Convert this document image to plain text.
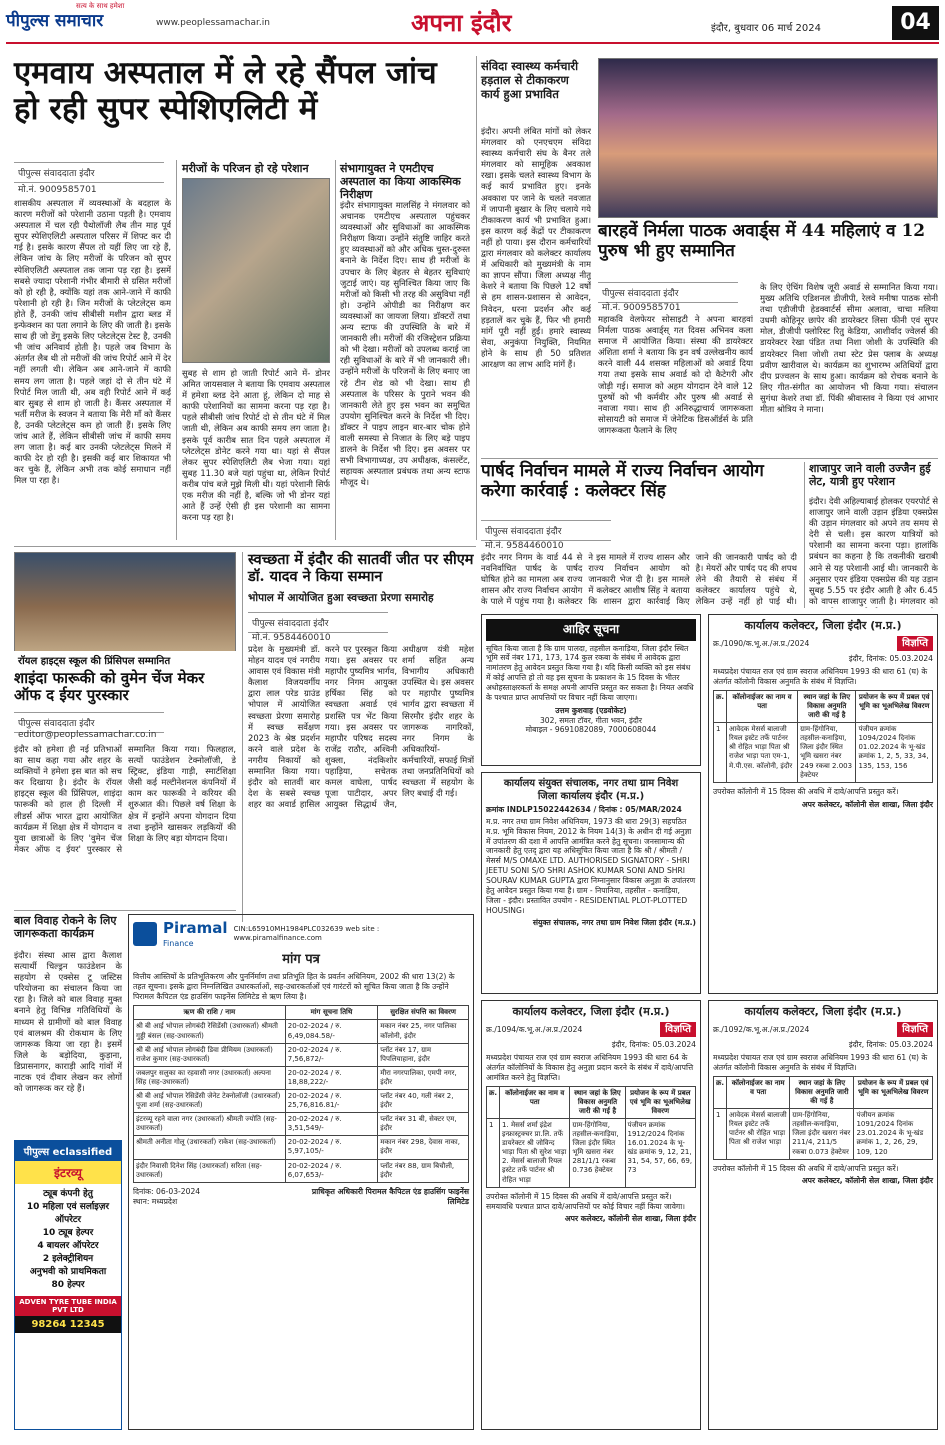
पीपुल्स समाचार
सत्य के साथ हमेशा
www.peoplessamachar.in	अपना इंदौर	इंदौर, बुधवार 06 मार्च 2024	04
एमवाय अस्पताल में ले रहे सैंपल जांच हो रही सुपर स्पेशिएलिटी में
पीपुल्स संवाददाता इंदौर
मो.नं. 9009585701
शासकीय अस्पताल में व्यवस्थाओं के बदहाल के कारण मरीजों को परेशानी उठाना पड़ती है। एमवाय अस्पताल में चल रही पैथोलॉजी लैब तीन माह पूर्व सुपर स्पेशिएलिटी अस्पताल परिसर में शिफ्ट कर दी गई है। इसके कारण सैंपल तो यहीं लिए जा रहे हैं, लेकिन जांच के लिए मरीजों के परिजन को सुपर स्पेशिएलिटी अस्पताल तक जाना पड़ रहा है। इसमें सबसे ज्यादा परेशानी गंभीर बीमारी से ग्रसित मरीजों को हो रही है, क्योंकि यहां तक आने-जाने में काफी परेशानी हो रही है। जिन मरीजों के प्लेटलेट्स कम होते हैं, उनकी जांच सीबीसी मशीन द्वारा ब्लड में इन्फेक्शन का पता लगाने के लिए की जाती है। इसके साथ ही जो डेंगू इसके लिए प्लेटलेट्स टेस्ट है, उनकी भी जांच अनिवार्य होती है। पहले जब विभाग के अंतर्गत लैब थी तो मरीजों की जांच रिपोर्ट आने में देर नहीं लगती थी। लेकिन अब आने-जाने में काफी समय लग जाता है। पहले जहां दो से तीन घंटे में रिपोर्ट मिल जाती थी, अब वही रिपोर्ट आने में कई बार सुबह से शाम हो जाती है। कैंसर अस्पताल में भर्ती मरीज के स्वजन ने बताया कि मेरी माँ को कैंसर है, उनकी प्लेटलेट्स कम हो जाती हैं। इसके लिए जांच आते हैं, लेकिन सीबीसी जांच में काफी समय लग जाता है। कई बार उनकी प्लेटलेट्स मिलने में काफी देर हो रही है। इसकी कई बार शिकायत भी कर चुके हैं, लेकिन अभी तक कोई समाधान नहीं मिल पा रहा है।
मरीजों के परिजन हो रहे परेशान
सुबह से शाम हो जाती रिपोर्ट आने में- डोनर अमित जायसवाल ने बताया कि एमवाय अस्पताल में हमेशा ब्लड देने आता हूं, लेकिन दो माह से काफी परेशानियों का सामना करना पड़ रहा है। पहले सीबीसी जांच रिपोर्ट दो से तीन घंटे में मिल जाती थी, लेकिन अब काफी समय लग जाता है। इसके पूर्व कारीब सात दिन पहले अस्पताल में प्लेटलेट्स डोनेट करने गया था। यहां से सैंपल लेकर सुपर स्पेशिएलिटी लैब भेजा गया। यहां सुबह 11.30 बजे यहां पहुंचा था, लेकिन रिपोर्ट करीब पांच बजे मुझे मिली थी। यहां परेशानी सिर्फ एक मरीज की नहीं है, बल्कि जो भी डोनर यहां आते हैं उन्हें ऐसी ही इस परेशानी का सामना करना पड़ रहा है।
संभागायुक्त ने एमटीएच अस्पताल का किया आकस्मिक निरीक्षण
इंदौर संभागायुक्त मालसिंह ने मंगलवार को अचानक एमटीएच अस्पताल पहुंचकर व्यवस्थाओं और सुविधाओं का आकस्मिक निरीक्षण किया। उन्होंने संतुष्टि जाहिर करते हुए व्यवस्थाओं को और अधिक चुस्त-दुरुस्त बनाने के निर्देश दिए। साथ ही मरीजों के उपचार के लिए बेहतर से बेहतर सुविधाएं जुटाई जाएं। यह सुनिश्चित किया जाए कि मरीजों को किसी भी तरह की असुविधा नहीं हो। उन्होंने ओपीडी का निरीक्षण कर व्यवस्थाओं का जायजा लिया। डॉक्टरों तथा अन्य स्टाफ की उपस्थिति के बारे में जानकारी ली। मरीजों की रजिस्ट्रेशन प्रक्रिया को भी देखा। मरीजों को उपलब्ध कराई जा रही सुविधाओं के बारे में भी जानकारी ली। उन्होंने मरीजों के परिजनों के लिए बनाए जा रहे टीन शेड को भी देखा। साथ ही अस्पताल के परिसर के पुराने भवन की जानकारी लेते हुए इस भवन का समुचित उपयोग सुनिश्चित करने के निर्देश भी दिए। डॉक्टर ने पाइप लाइन बार-बार चोक होने वाली समस्या से निजात के लिए बड़े पाइप डालने के निर्देश भी दिए। इस अवसर पर सभी विभागाध्यक्ष, उप अधीक्षक, कंसल्टेंट, सहायक अस्पताल प्रबंधक तथा अन्य स्टाफ मौजूद थे।
संविदा स्वास्थ्य कर्मचारी हड़ताल से टीकाकरण कार्य हुआ प्रभावित
इंदौर। अपनी लंबित मांगों को लेकर मंगलवार को एनएचएम संविदा स्वास्थ्य कर्मचारी संघ के बैनर तले मंगलवार को सामूहिक अवकाश रखा। इसके चलते स्वास्थ्य विभाग के कई कार्य प्रभावित हुए। इनके अवकाश पर जाने के चलते नवजात में जापानी बुखार के लिए चलाये गये टीकाकरण कार्य भी प्रभावित हुआ। इस कारण कई केंद्रों पर टीकाकरण नहीं हो पाया। इस दौरान कर्मचारियों द्वारा मंगलवार को कलेक्टर कार्यालय में अधिकारी को मुख्यमंत्री के नाम का ज्ञापन सौंपा। जिला अध्यक्ष नीतू केशरे ने बताया कि पिछले 12 वर्षों से हम शासन-प्रशासन से आवेदन, निवेदन, धरना प्रदर्शन और कई हड़तालें कर चुके हैं, फिर भी हमारी मांगें पूरी नहीं हुईं। हमारे स्वास्थ्य सेवा, अनुकंपा नियुक्ति, नियमित होने के साथ ही 50 प्रतिशत आरक्षण का लाभ आदि मांगें हैं।
बारहवें निर्मला पाठक अवार्ड्स में 44 महिलाएं व 12 पुरुष भी हुए सम्मानित
पीपुल्स संवाददाता इंदौर
मो.नं. 9009585701
महाकवि वेलफेयर सोसाइटी ने अपना बारहवां निर्मला पाठक अवार्ड्स्‌ गत दिवस अभिनव कला समाज में आयोजित किया। संस्था की डायरेक्टर अंशिता शर्मा ने बताया कि इन वर्ष उल्लेखनीय कार्य करने वाली 44 शसक्त महिलाओं को अवार्ड दिया गया तथा इसके साथ अवार्ड को दो कैटेगरी और जोड़ी गई। समाज को अहम योगदान देने वाले 12 पुरुषों को भी कर्मवीर और पुरुष श्री अवार्ड से नवाजा गया। साथ ही अनिरुद्धाचार्य जागरूकता सोसायटी को समाज में जेनेटिक डिसऑर्डर्स के प्रति जागरूकता फैलाने के लिए
के लिए ऐचिंग विशेष जूरी अवार्ड से सम्मानित किया गया। मुख्य अतिथि एडिशनल डीजीपी, रेलवे मनीषा पाठक सोनी तथा एडीजीपी हेडक्वार्टर्स सीमा अलावा, चाचा मलिया उधमी कोहिनूर छापेर की डायरेक्टर लिसा फीनी एवं सुपर मोल, डीजीपी फ्लोरिस्ट रितु केडिया, आशीर्वाद ज्वेलर्स की डायरेक्टर रेखा पंडित तथा निशा जोशी के उपस्थिति की डायरेक्टर निशा जोशी तथा स्टेट प्रेस फ्लाब के अध्यक्ष प्रवीण खारीवाल थे। कार्यक्रम का शुभारम्भ अतिथियों द्वारा दीप प्रज्वलन के साथ हुआ। कार्यक्रम को रोचक बनाने के लिए गीत-संगीत का आयोजन भी किया गया। संचालन सुगंधा केशरे तथा डॉ. पिंकी श्रीवास्तव ने किया एवं आभार मीता श्रोत्रिय ने माना।
पार्षद निर्वाचन मामले में राज्य निर्वाचन आयोग करेगा कार्रवाई : कलेक्टर सिंह
पीपुल्स संवाददाता इंदौर
मो.नं. 9584460010
इंदौर नगर निगम के वार्ड 44 से नवनिर्वाचित पार्षद के पार्षद घोषित होने का मामला अब राज्य शासन और राज्य निर्वाचन आयोग के पाले में पहुंच गया है। कलेक्टर ने इस मामले में राज्य शासन और राज्य निर्वाचन आयोग को जानकारी भेज दी है। इस मामले में कलेक्टर आशीष सिंह ने बताया कि शासन द्वारा कार्रवाई किए जाने की जानकारी पार्षद को दी है। मेयरों और पार्षद पद की शपथ लेने की तैयारी से संबंध में कलेक्टर कार्यालय पहुंचे थे, लेकिन उन्हें नहीं हो पाई थी।
शाजापुर जाने वाली उज्जैन हुई लेट, यात्री हुए परेशान
इंदौर। देवी अहिल्याबाई होलकर एयरपोर्ट से शाजापुर जाने वाली उड़ान इंडिया एक्सप्रेस की उड़ान मंगलवार को अपने तय समय से देरी से चली। इस कारण यात्रियों को परेशानी का सामना करना पड़ा। हालांकि प्रबंधन का कहना है कि तकनीकी खराबी आने से यह परेशानी आई थी। जानकारी के अनुसार एयर इंडिया एक्सप्रेस की यह उड़ान सुबह 5.55 पर इंदौर आती है और 6.45 को वापस शाजापुर जाती है। मंगलवार को
रॉयल हाइट्स स्कूल की प्रिंसिपल सम्मानित
शाइंदा फारूकी को वुमेन चेंज मेकर ऑफ द ईयर पुरस्कार
पीपुल्स संवाददाता इंदौर
editor@peoplessamachar.co.in
इंदौर को हमेशा ही नई प्रतिभाओं का साथ कहा गया और शहर के व्यक्तियों ने हमेशा इस बात को सच कर दिखाया है। इंदौर के रॉयल हाइट्स स्कूल की प्रिंसिपल, शाइंदा फारूकी को हाल ही दिल्ली में लीडर्स ऑफ भारत द्वारा आयोजित कार्यक्रम में शिक्षा क्षेत्र में योगदान व युवा छात्राओं के लिए 'वुमेन चेंज मेकर ऑफ द ईयर' पुरस्कार से सम्मानित किया गया। फिलहाल, सत्यों फाउंडेशन टेक्नोलॉजी, डे स्ट्रिक्ट, इंडिया गाड़ी, स्मार्टशिक्षा जैसी कई मल्टीनेशनल कंपनियों में काम कर फारूकी ने करियर की शुरुआत की। पिछले वर्ष शिक्षा के क्षेत्र में इन्होंने अपना योगदान दिया तथा इन्होंने खासकर लड़कियों की शिक्षा के लिए बड़ा योगदान दिया।
स्वच्छता में इंदौर की सातवीं जीत पर सीएम डॉ. यादव ने किया सम्मान
भोपाल में आयोजित हुआ स्वच्छता प्रेरणा समारोह
पीपुल्स संवाददाता इंदौर
मो.नं. 9584460010
प्रदेश के मुख्यमंत्री डॉ. मोहन यादव एवं नगरीय आवास एवं विकास मंत्री कैलाश विजयवर्गीय द्वारा लाल परेड ग्राउंड भोपाल में आयोजित स्वच्छता प्रेरणा समारोह में स्वच्छ सर्वेक्षण 2023 के श्रेष्ठ प्रदर्शन करने वाले प्रदेश के नगरीय निकायों को सम्मानित किया गया। इंदौर को सातवीं बार देश के सबसे स्वच्छ शहर का अवार्ड हासिल करने पर पुरस्कृत किया गया। इस अवसर पर महापौर पुष्यमित्र भार्गव, नगर निगम आयुक्त हर्षिका सिंह को स्वच्छता अवार्ड एवं प्रशस्ति पत्र भेंट किया गया। इस अवसर पर महापौर परिषद सदस्य राजेंद्र राठौर, अश्विनी शुक्ला, नंदकिशोर पहाड़िया, सचेतक कमल वाघेला, पार्षद पूजा पाटीदार, अपर आयुक्त सिद्धार्थ जैन, अधीक्षण यंत्री महेश शर्मा सहित अन्य विभागीय अधिकारी उपस्थित थे। इस अवसर पर महापौर पुष्यमित्र भार्गव द्वारा स्वच्छता में सिरमौर इंदौर शहर के जागरूक नागरिकों, नगर निगम के अधिकारियों-कर्मचारियों, सफाई मित्रों तथा जनप्रतिनिधियों को स्वच्छता में सहयोग के लिए बधाई दी गई।
बाल विवाह रोकने के लिए जागरूकता कार्यक्रम
इंदौर। संस्था आस द्वारा कैलाश सत्यार्थी चिल्ड्रन फाउंडेशन के सहयोग से एक्सेस टू जस्टिस परियोजना का संचालन किया जा रहा है। जिले को बाल विवाह मुक्त बनाने हेतु विभिन्न गतिविधियों के माध्यम से ग्रामीणों को बाल विवाह एवं बालश्रम की रोकथाम के लिए जागरूक किया जा रहा है। इसमें जिले के बड़ोदिया, कुड़ाना, डिप्रासनागर, काराड़ी आदि गांवों में नाटक एवं दीवार लेखन कर लोगों को जागरूक कर रहे हैं।
पीपुल्स eclassified
इंटरव्यू
ट्यूब कंपनी हेतु
10 महिला एवं सर्लाइज़र
ऑपरेटर
10 ट्यूब हेल्पर
4 बायलर ऑपरेटर
2 इलेक्ट्रीशियन
अनुभवी को प्राथमिकता
80 हेल्पर
ADVEN TYRE TUBE INDIA PVT LTD
98264 12345
Piramal
Finance
CIN:L65910MH1984PLC032639 web site : www.piramalfinance.com
मांग पत्र
वित्तीय आस्तियों के प्रतिभूतिकरण और पुनर्निर्माण तथा प्रतिभूति हित के प्रवर्तन अधिनियम, 2002 की धारा 13(2) के तहत सूचना। इसके द्वारा निम्नलिखित उधारकर्ताओं, सह-उधारकर्ताओं एवं गारंटरों को सूचित किया जाता है कि उन्होंने पिरामल कैपिटल एंड हाउसिंग फाइनेंस लिमिटेड से ऋण लिया है।
ऋण की राशि / नाम	मांग सूचना तिथि	सुरक्षित संपत्ति का विवरण
श्री बी आई भोपाल लोगबंदी रेसिडेंसी (उधारकर्ता) श्रीमती गुड्डी बंसल (सह-उधारकर्ता)	20-02-2024 / रु. 6,49,084.58/-	मकान नंबर 25, नगर पालिका कॉलोनी, इंदौर
श्री बी आई भोपाल लोगबंदी डिवा प्रीमियम (उधारकर्ता) राजेश कुमार (सह-उधारकर्ता)	20-02-2024 / रु. 7,56,872/-	प्लॉट नंबर 17, ग्राम पिपलियाहाना, इंदौर
जबलपुर सलुका का रहवासी नगर (उधारकर्ता) अल्पना सिंह (सह-उधारकर्ता)	20-02-2024 / रु. 18,88,222/-	मीरा नगरपालिका, एमपी नगर, इंदौर
श्री बी आई भोपाल रेसिडेंसी जेनेट टेक्नोलॉजी (उधारकर्ता) पूजा शर्मा (सह-उधारकर्ता)	20-02-2024 / रु. 25,76,816.81/-	प्लॉट नंबर 40, गली नंबर 2, इंदौर
इंटरव्यू रहने वाला नगर (उधारकर्ता) श्रीमती ज्योति (सह-उधारकर्ता)	20-02-2024 / रु. 3,51,549/-	प्लॉट नंबर 31 बी, सेक्टर एम, इंदौर
श्रीमती अनीता गोलू (उधारकर्ता) राकेश (सह-उधारकर्ता)	20-02-2024 / रु. 5,97,105/-	मकान नंबर 298, देवास नाका, इंदौर
इंदौर निवासी दिनेश सिंह (उधारकर्ता) सरिता (सह-उधारकर्ता)	20-02-2024 / रु. 6,07,653/-	प्लॉट नंबर 88, ग्राम बिचौली, इंदौर
दिनांक: 06-03-2024
स्थान: मध्यप्रदेश
प्राधिकृत अधिकारी पिरामल कैपिटल एंड हाउसिंग फाइनेंस लिमिटेड
आहिर सूचना
सूचित किया जाता है कि ग्राम पालदा, तहसील कनाड़िया, जिला इंदौर स्थित भूमि सर्वे नंबर 171, 173, 174 कुल रकबा के संबंध में आवेदक द्वारा नामांतरण हेतु आवेदन प्रस्तुत किया गया है। यदि किसी व्यक्ति को इस संबंध में कोई आपत्ति हो तो वह इस सूचना के प्रकाशन के 15 दिवस के भीतर अधोहस्ताक्षरकर्ता के समक्ष अपनी आपत्ति प्रस्तुत कर सकता है। नियत अवधि के पश्चात प्राप्त आपत्तियों पर विचार नहीं किया जाएगा।
उत्तम कुशवाह (एडवोकेट)
302, समता टॉवर, गीता भवन, इंदौर
मोबाइल - 9691082089, 7000608044
कार्यालय संयुक्त संचालक, नगर तथा ग्राम निवेश
जिला कार्यालय इंदौर (म.प्र.)
क्रमांक INDLP15022442634 / दिनांक : 05/MAR/2024
म.प्र. नगर तथा ग्राम निवेश अधिनियम, 1973 की धारा 29(3) सहपठित म.प्र. भूमि विकास नियम, 2012 के नियम 14(3) के अधीन दी गई अनुज्ञा में उपांतरण की दशा में आपत्ति आमंत्रित करने हेतु सूचना। जनसामान्य की जानकारी हेतु एतद् द्वारा यह अधिसूचित किया जाता है कि श्री / श्रीमती / मेसर्स M/S OMAXE LTD. AUTHORISED SIGNATORY - SHRI JEETU SONI S/O SHRI ASHOK KUMAR SONI AND SHRI SOURAV KUMAR GUPTA द्वारा निम्नानुसार विकास अनुज्ञा के उपांतरण हेतु आवेदन प्रस्तुत किया गया है। ग्राम - निपानिया, तहसील - कनाड़िया, जिला - इंदौर। प्रस्तावित उपयोग - RESIDENTIAL PLOT-PLOTTED HOUSING।
संयुक्त संचालक, नगर तथा ग्राम निवेश जिला इंदौर (म.प्र.)
कार्यालय कलेक्टर, जिला इंदौर (म.प्र.)
क्र./1094/क.भू.अ./अ.प्र./2024	विज्ञप्ति
इंदौर, दिनांक: 05.03.2024
मध्यप्रदेश पंचायत राज एवं ग्राम स्वराज अधिनियम 1993 की धारा 64 के अंतर्गत कॉलोनियों के विकास हेतु अनुज्ञा प्रदान करने के संबंध में दावे/आपत्ति आमंत्रित करने हेतु विज्ञप्ति।
क्र.	कॉलोनाईजर का नाम व पता	स्थान जहां के लिए विकास अनुमति जारी की गई है	प्रयोजन के रूप में प्रबल एवं भूमि का भूअभिलेख विवरण
1	1. मेसर्स शर्मा इंद्रेश इन्फ्रास्ट्रक्चर प्रा.लि. तर्फे डायरेक्टर श्री जोविन्द भाड़ा पिता श्री सुरेश भाड़ा 2. मेसर्स बालाजी रियल इस्टेट तर्फे पार्टनर श्री रोहित भाड़ा	ग्राम-हिंगोनिया, तहसील-कनाड़िया, जिला इंदौर स्थित भूमि खसरा नंबर 281/1/1 रकबा 0.736 हेक्टेयर	पंजीयन क्रमांक 1912/2024 दिनांक 16.01.2024 के भू-खंड क्रमांक 9, 12, 21, 31, 54, 57, 66, 69, 73
उपरोक्त कॉलोनी में 15 दिवस की अवधि में दावे/आपत्ति प्रस्तुत करें। समयावधि पश्चात प्राप्त दावे/आपत्तियों पर कोई विचार नहीं किया जावेगा।
अपर कलेक्टर, कॉलोनी सेल शाखा, जिला इंदौर
कार्यालय कलेक्टर, जिला इंदौर (म.प्र.)
क्र./1090/क.भू.अ./अ.प्र./2024	विज्ञप्ति
इंदौर, दिनांक: 05.03.2024
मध्यप्रदेश पंचायत राज एवं ग्राम स्वराज अधिनियम 1993 की धारा 61 (घ) के अंतर्गत कॉलोनी विकास अनुमति के संबंध में विज्ञप्ति।
क्र.	कॉलोनाईजर का नाम व पता	स्थान जहां के लिए विकास अनुमति जारी की गई है	प्रयोजन के रूप में प्रबल एवं भूमि का भूअभिलेख विवरण
1	आवेदक मेसर्स बालाजी रियल इस्टेट तर्फे पार्टनर श्री रोहित भाड़ा पिता श्री राजेश भाड़ा पता एम-1, मे.पी.एस. कॉलोनी, इंदौर	ग्राम-हिंगोनिया, तहसील-कनाड़िया, जिला इंदौर स्थित भूमि खसरा नंबर 249 रकबा 2.003 हेक्टेयर	पंजीयन क्रमांक 1094/2024 दिनांक 01.02.2024 के भू-खंड क्रमांक 1, 2, 5, 33, 34, 135, 153, 156
उपरोक्त कॉलोनी में 15 दिवस की अवधि में दावे/आपत्ति प्रस्तुत करें।
अपर कलेक्टर, कॉलोनी सेल शाखा, जिला इंदौर
कार्यालय कलेक्टर, जिला इंदौर (म.प्र.)
क्र./1092/क.भू.अ./अ.प्र./2024	विज्ञप्ति
इंदौर, दिनांक: 05.03.2024
मध्यप्रदेश पंचायत राज एवं ग्राम स्वराज अधिनियम 1993 की धारा 61 (घ) के अंतर्गत कॉलोनी विकास अनुमति के संबंध में विज्ञप्ति।
क्र.	कॉलोनाईजर का नाम व पता	स्थान जहां के लिए विकास अनुमति जारी की गई है	प्रयोजन के रूप में प्रबल एवं भूमि का भूअभिलेख विवरण
1	आवेदक मेसर्स बालाजी रियल इस्टेट तर्फे पार्टनर श्री रोहित भाड़ा पिता श्री राजेश भाड़ा	ग्राम-हिंगोनिया, तहसील-कनाड़िया, जिला इंदौर खसरा नंबर 211/4, 211/5 रकबा 0.073 हेक्टेयर	पंजीयन क्रमांक 1091/2024 दिनांक 23.01.2024 के भू-खंड क्रमांक 1, 2, 26, 29, 109, 120
उपरोक्त कॉलोनी में 15 दिवस की अवधि में दावे/आपत्ति प्रस्तुत करें।
अपर कलेक्टर, कॉलोनी सेल शाखा, जिला इंदौर
